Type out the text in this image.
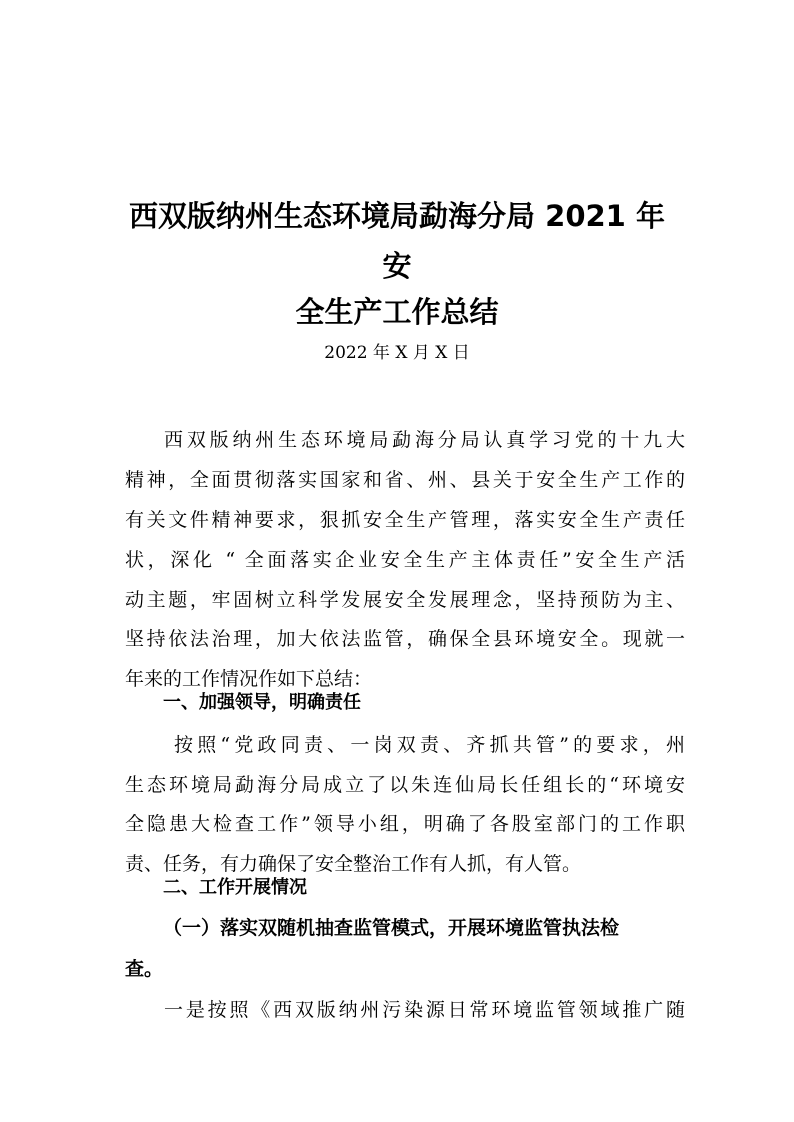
西双版纳州生态环境局勐海分局 2021 年
安
全生产工作总结
2022 年 X 月 X 日
西双版纳州生态环境局勐海分局认真学习党的十九大
精神，全面贯彻落实国家和省、州、县关于安全生产工作的
有关文件精神要求，狠抓安全生产管理，落实安全生产责任
状，深化 “ 全面落实企业安全生产主体责任”安全生产活
动主题，牢固树立科学发展安全发展理念，坚持预防为主、
坚持依法治理，加大依法监管，确保全县环境安全。现就一
年来的工作情况作如下总结：
一、加强领导，明确责任
按照“党政同责、一岗双责、齐抓共管”的要求，州
生态环境局勐海分局成立了以朱连仙局长任组长的“环境安
全隐患大检查工作”领导小组，明确了各股室部门的工作职
责、任务，有力确保了安全整治工作有人抓，有人管。
二、工作开展情况
（一）落实双随机抽查监管模式，开展环境监管执法检
查。
一是按照《西双版纳州污染源日常环境监管领域推广随
